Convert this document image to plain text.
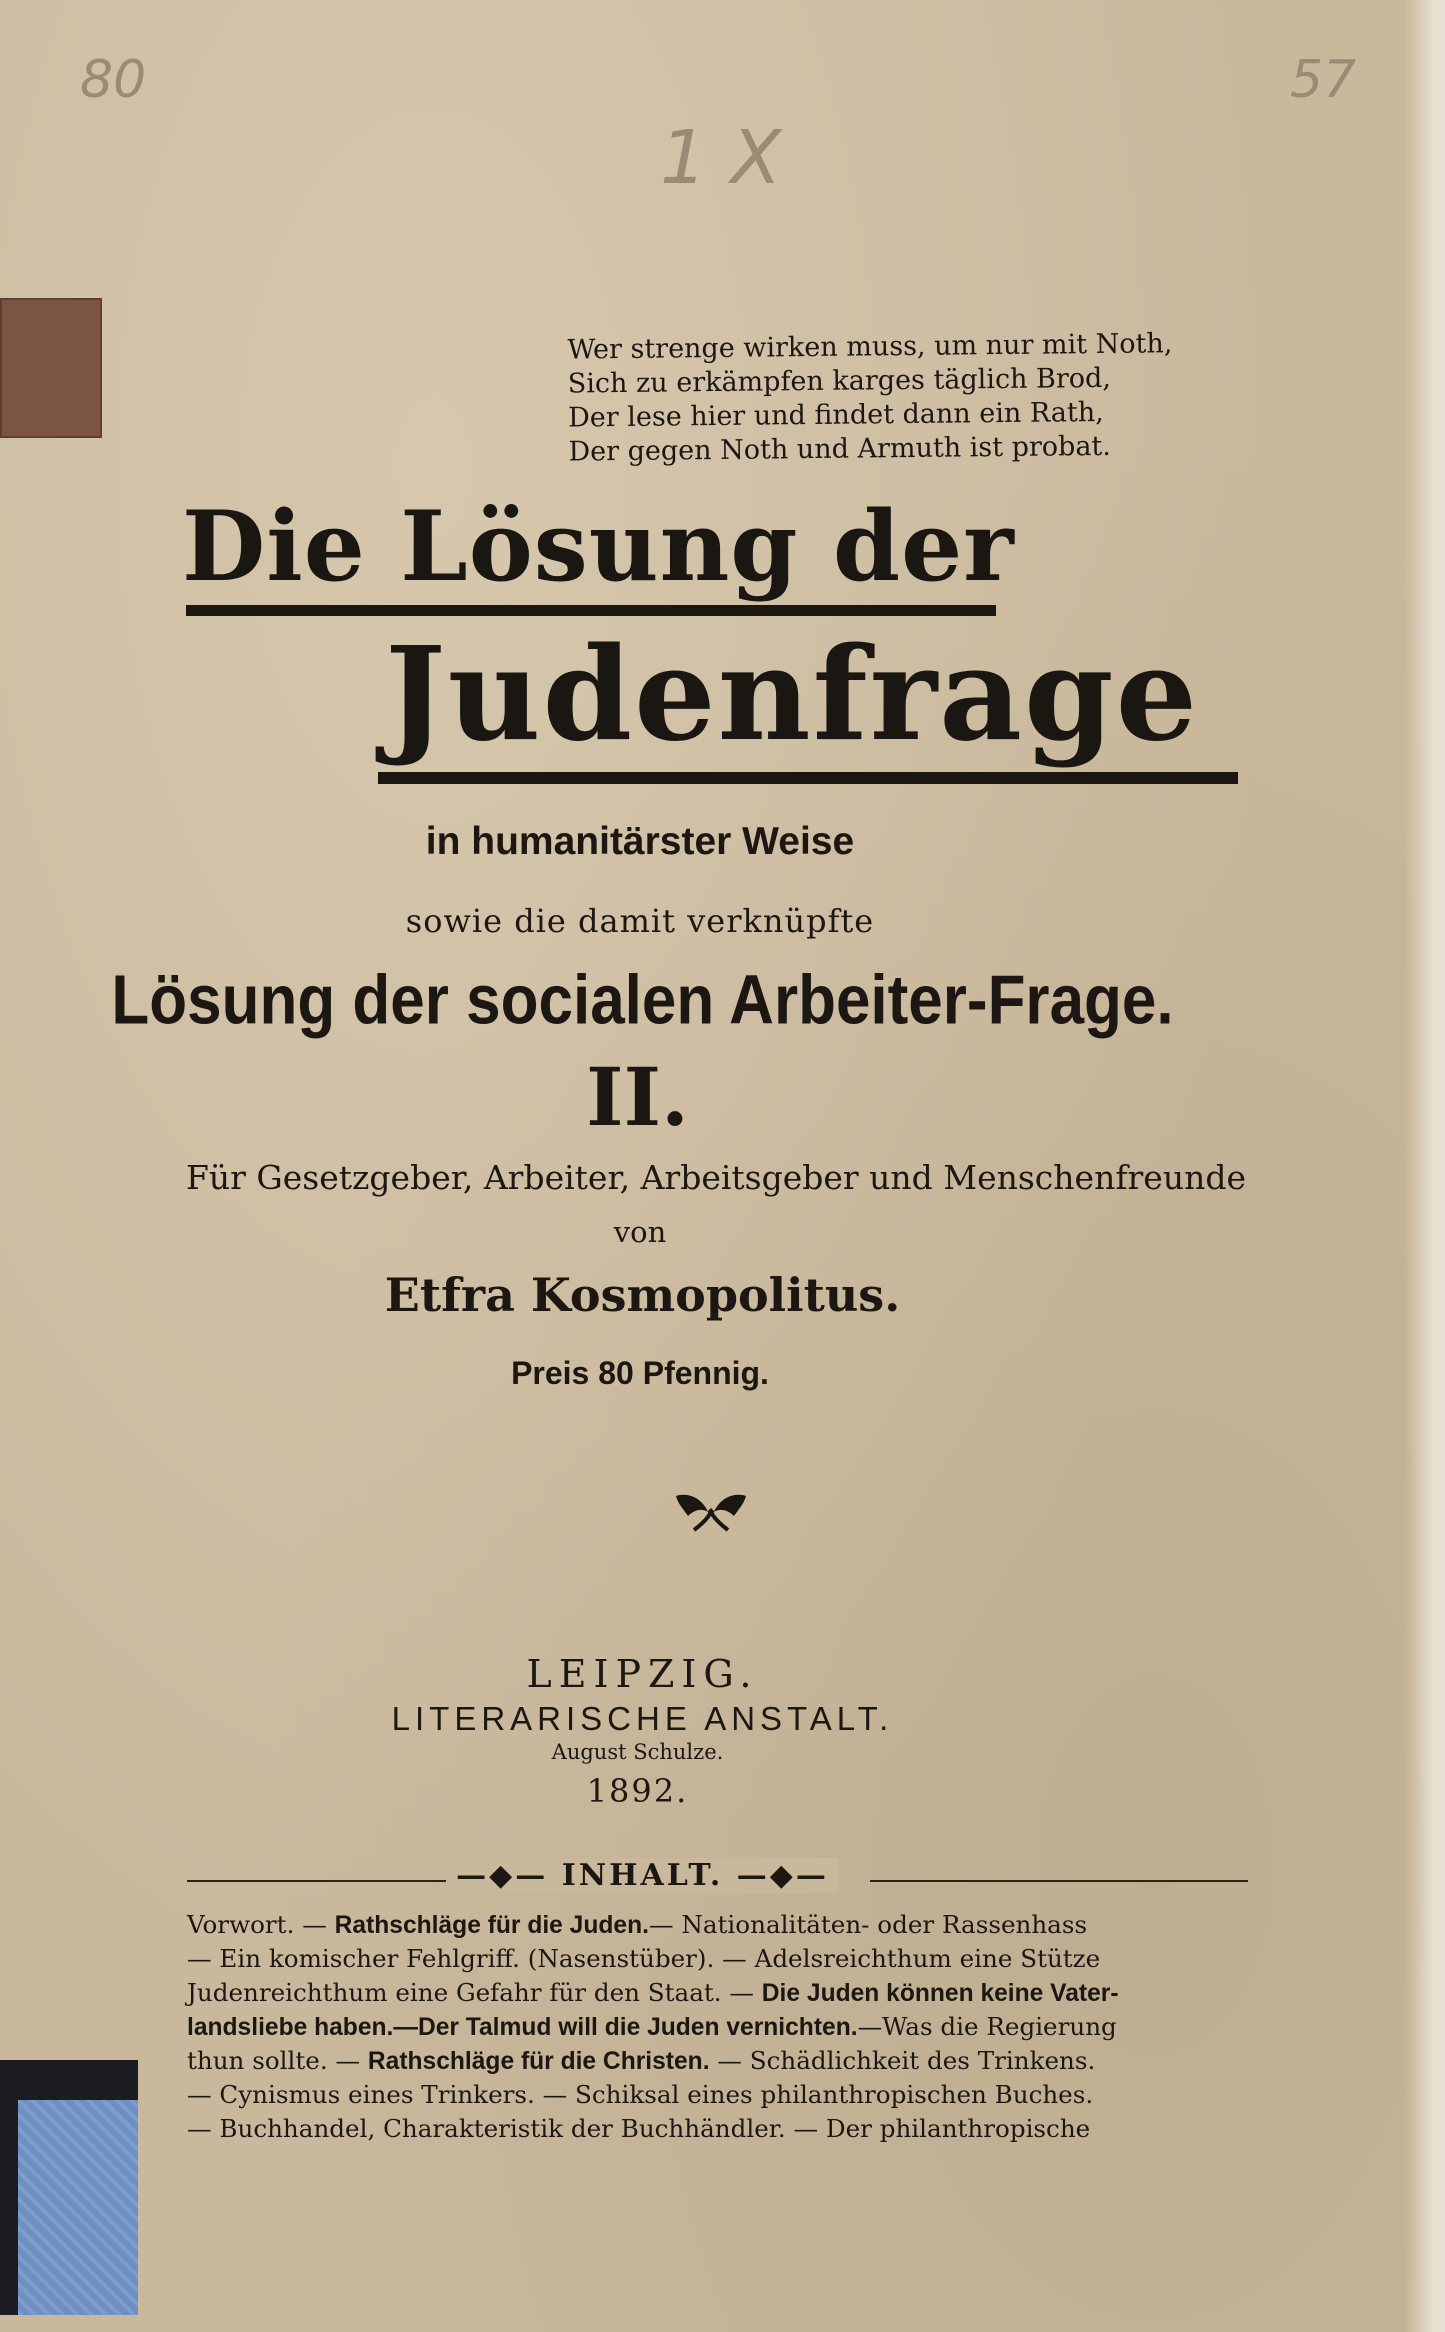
80
1 X
57
Wer strenge wirken muss, um nur mit Noth,
Sich zu erkämpfen karges täglich Brod,
Der lese hier und findet dann ein Rath,
Der gegen Noth und Armuth ist probat.
Die Lösung der
Judenfrage
in humanitärster Weise
sowie die damit verknüpfte
Lösung der socialen Arbeiter-Frage.
II.
Für Gesetzgeber, Arbeiter, Arbeitsgeber und Menschenfreunde
von
Etfra Kosmopolitus.
Preis 80 Pfennig.
LEIPZIG.
LITERARISCHE ANSTALT.
August Schulze.
1892.
—◆— INHALT. —◆—
Vorwort. — Rathschläge für die Juden.— Nationalitäten- oder Rassenhass
— Ein komischer Fehlgriff. (Nasenstüber). — Adelsreichthum eine Stütze
Judenreichthum eine Gefahr für den Staat. — Die Juden können keine Vater-
landsliebe haben.—Der Talmud will die Juden vernichten.—Was die Regierung
thun sollte. — Rathschläge für die Christen. — Schädlichkeit des Trinkens.
— Cynismus eines Trinkers. — Schiksal eines philanthropischen Buches.
— Buchhandel, Charakteristik der Buchhändler. — Der philanthropische
